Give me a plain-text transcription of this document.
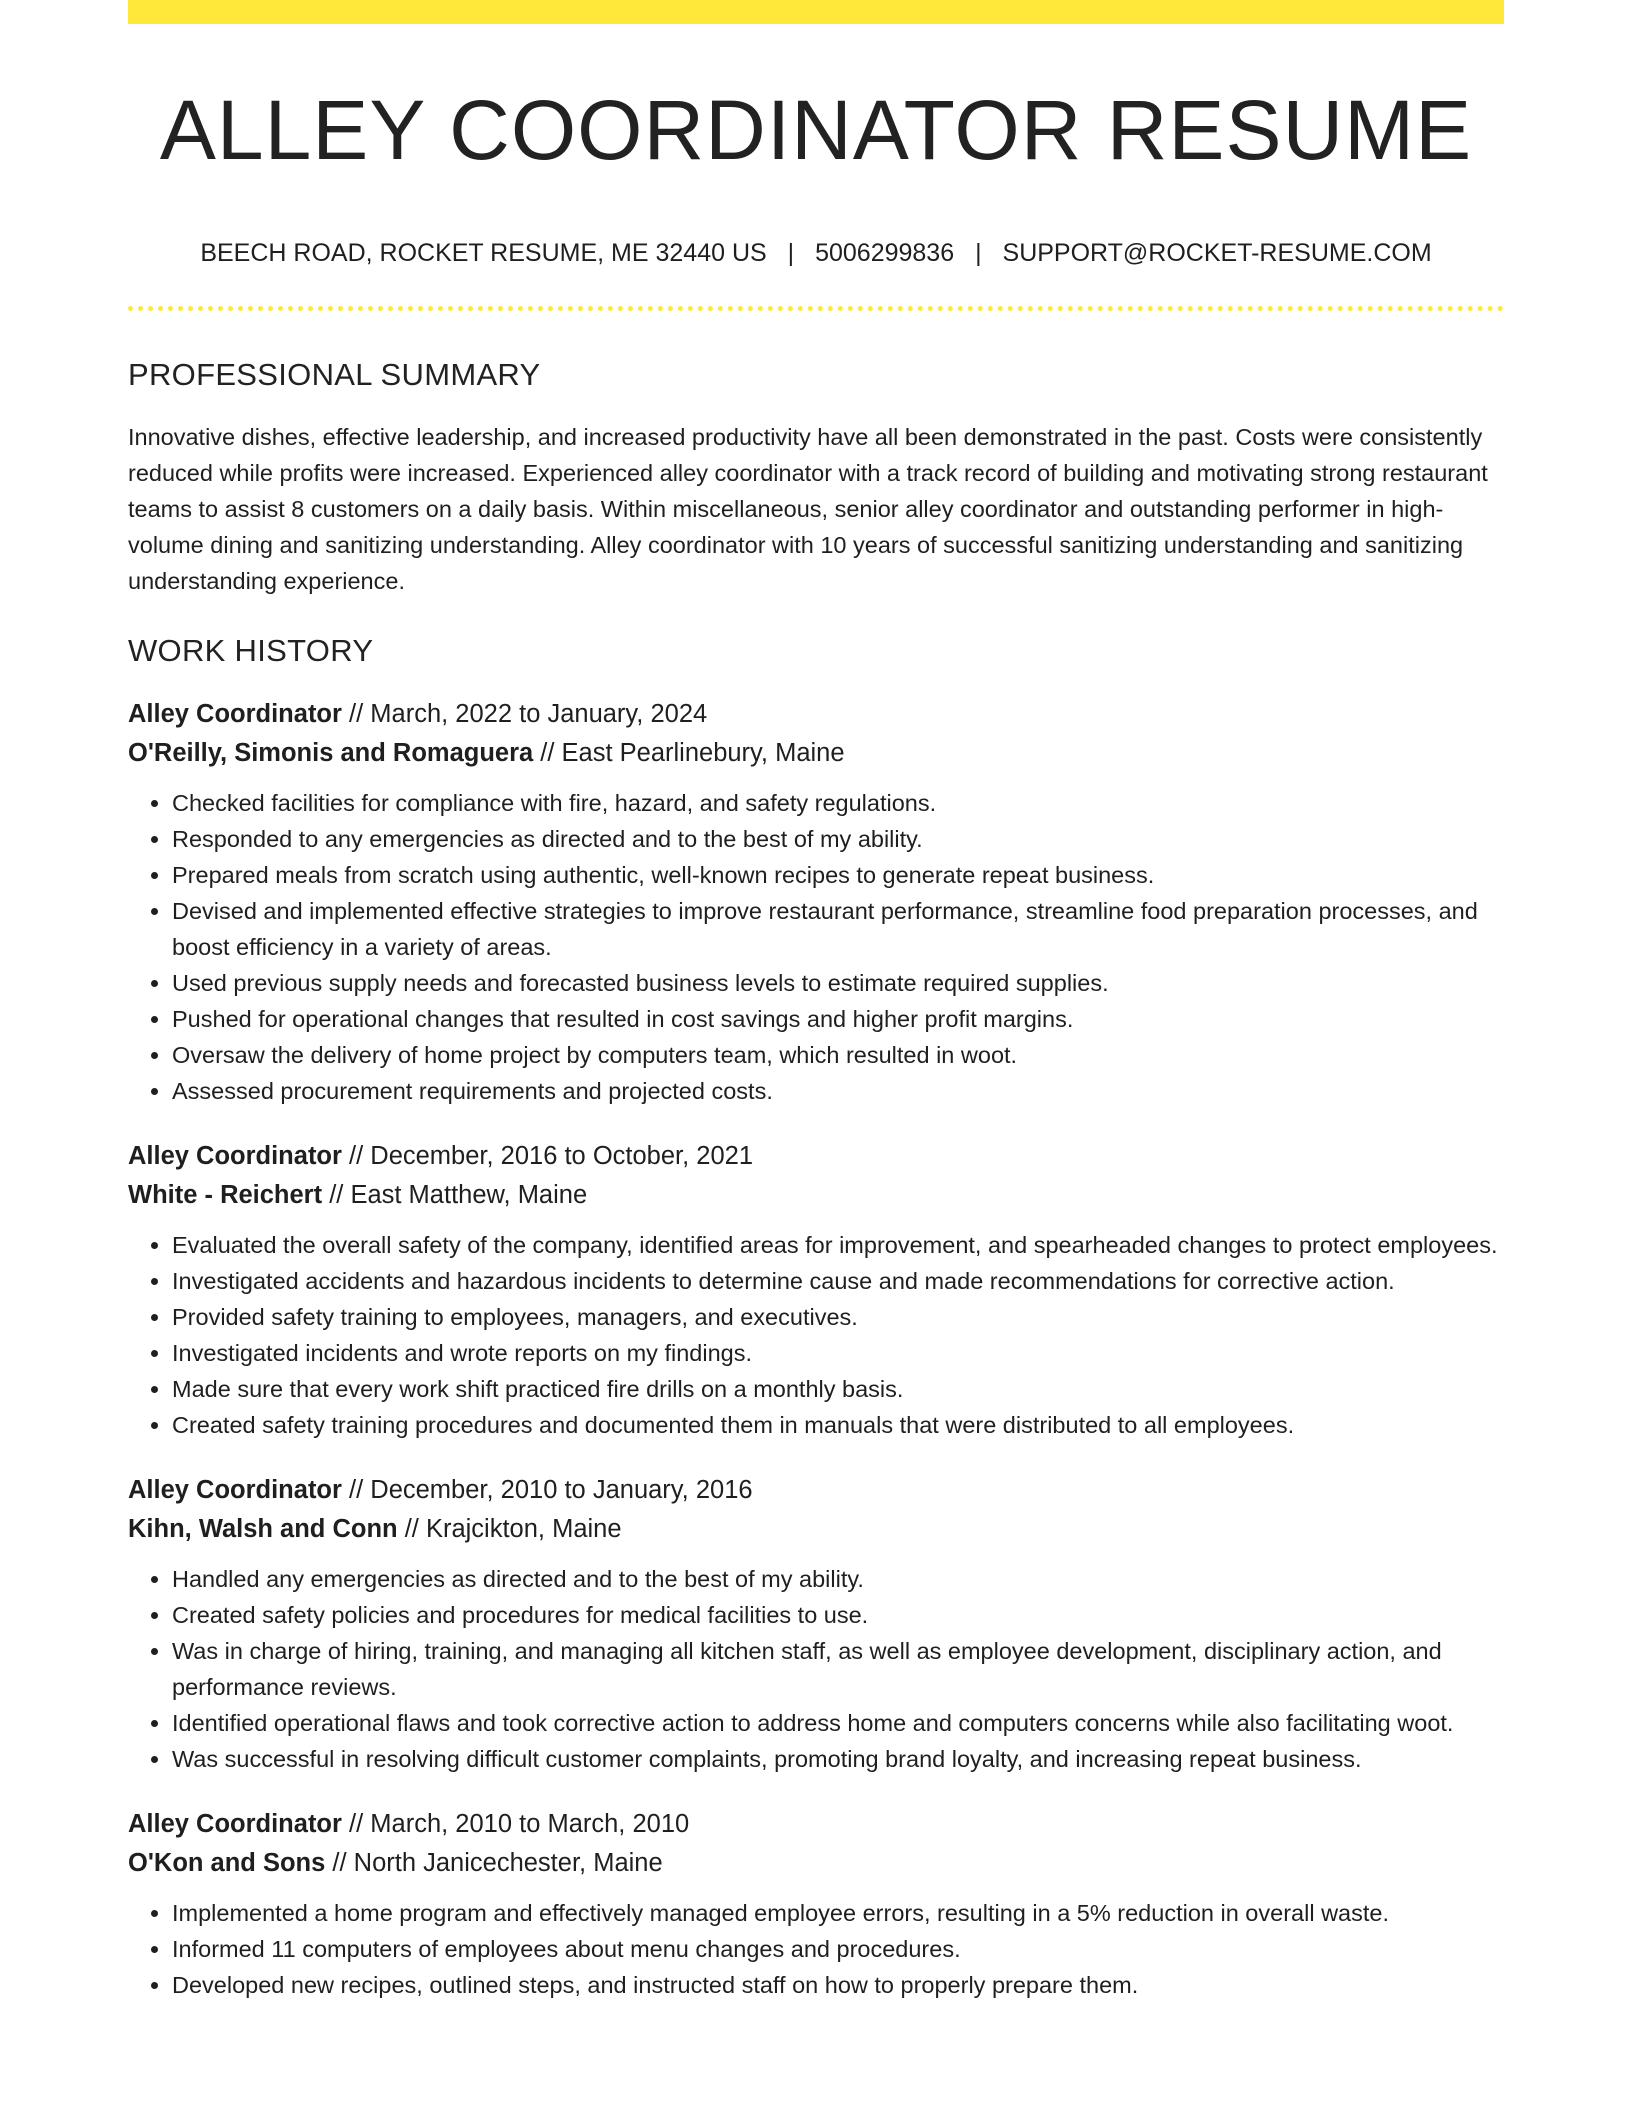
ALLEY COORDINATOR RESUME
BEECH ROAD, ROCKET RESUME, ME 32440 US | 5006299836 | SUPPORT@ROCKET-RESUME.COM
PROFESSIONAL SUMMARY

Innovative dishes, effective leadership, and increased productivity have all been demonstrated in the past. Costs were consistently reduced while profits were increased. Experienced alley coordinator with a track record of building and motivating strong restaurant teams to assist 8 customers on a daily basis. Within miscellaneous, senior alley coordinator and outstanding performer in high-volume dining and sanitizing understanding. Alley coordinator with 10 years of successful sanitizing understanding and sanitizing understanding experience.

WORK HISTORY
Alley Coordinator // March, 2022 to January, 2024
O'Reilly, Simonis and Romaguera // East Pearlinebury, Maine
• Checked facilities for compliance with fire, hazard, and safety regulations.
• Responded to any emergencies as directed and to the best of my ability.
• Prepared meals from scratch using authentic, well-known recipes to generate repeat business.
• Devised and implemented effective strategies to improve restaurant performance, streamline food preparation processes, and boost efficiency in a variety of areas.
• Used previous supply needs and forecasted business levels to estimate required supplies.
• Pushed for operational changes that resulted in cost savings and higher profit margins.
• Oversaw the delivery of home project by computers team, which resulted in woot.
• Assessed procurement requirements and projected costs.
Alley Coordinator // December, 2016 to October, 2021
White - Reichert // East Matthew, Maine
• Evaluated the overall safety of the company, identified areas for improvement, and spearheaded changes to protect employees.
• Investigated accidents and hazardous incidents to determine cause and made recommendations for corrective action.
• Provided safety training to employees, managers, and executives.
• Investigated incidents and wrote reports on my findings.
• Made sure that every work shift practiced fire drills on a monthly basis.
• Created safety training procedures and documented them in manuals that were distributed to all employees.
Alley Coordinator // December, 2010 to January, 2016
Kihn, Walsh and Conn // Krajcikton, Maine
• Handled any emergencies as directed and to the best of my ability.
• Created safety policies and procedures for medical facilities to use.
• Was in charge of hiring, training, and managing all kitchen staff, as well as employee development, disciplinary action, and performance reviews.
• Identified operational flaws and took corrective action to address home and computers concerns while also facilitating woot.
• Was successful in resolving difficult customer complaints, promoting brand loyalty, and increasing repeat business.
Alley Coordinator // March, 2010 to March, 2010
O'Kon and Sons // North Janicechester, Maine
• Implemented a home program and effectively managed employee errors, resulting in a 5% reduction in overall waste.
• Informed 11 computers of employees about menu changes and procedures.
• Developed new recipes, outlined steps, and instructed staff on how to properly prepare them.
